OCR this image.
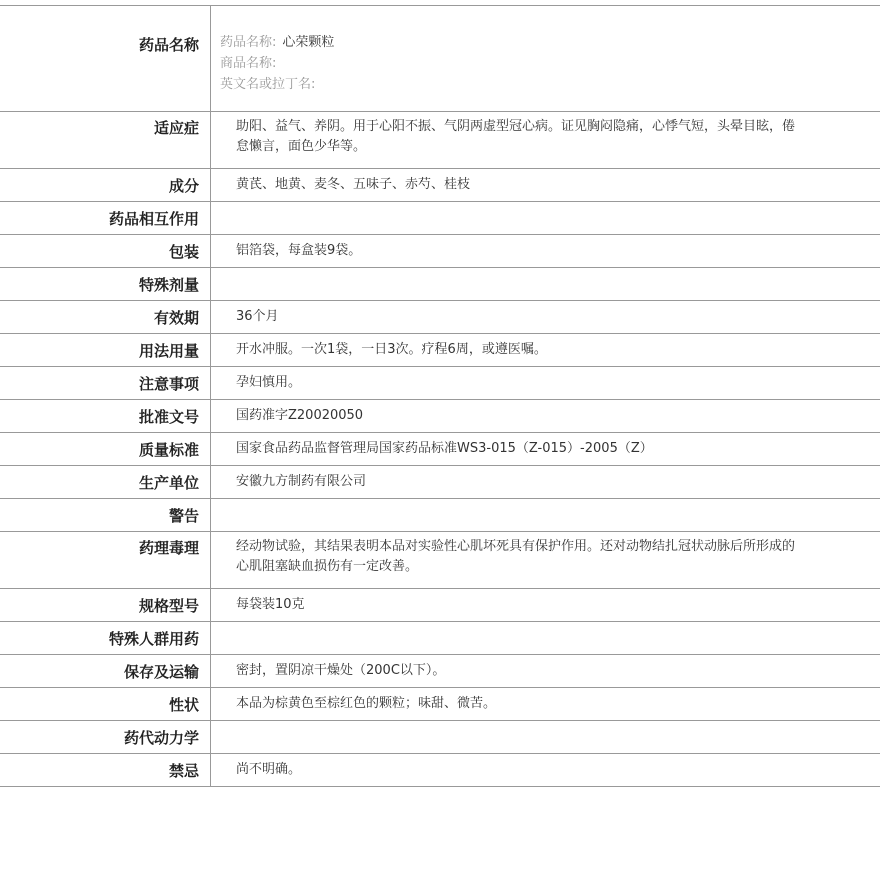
药品名称	药品名称: 心荣颗粒
商品名称:
英文名或拉丁名:

适应症	助阳、益气、养阴。用于心阳不振、气阴两虚型冠心病。证见胸闷隐痛，心悸气短，头晕目眩，倦怠懒言，面色少华等。

成分	黄芪、地黄、麦冬、五味子、赤芍、桂枝

药品相互作用	

包装	铝箔袋，每盒装9袋。

特殊剂量	

有效期	36个月

用法用量	开水冲服。一次1袋，一日3次。疗程6周，或遵医嘱。

注意事项	孕妇慎用。

批准文号	国药准字Z20020050

质量标准	国家食品药品监督管理局国家药品标准WS3-015（Z-015）-2005（Z）

生产单位	安徽九方制药有限公司

警告	

药理毒理	经动物试验，其结果表明本品对实验性心肌坏死具有保护作用。还对动物结扎冠状动脉后所形成的心肌阻塞缺血损伤有一定改善。

规格型号	每袋装10克

特殊人群用药	

保存及运输	密封，置阴凉干燥处（200C以下）。

性状	本品为棕黄色至棕红色的颗粒；味甜、微苦。

药代动力学	

禁忌	尚不明确。
